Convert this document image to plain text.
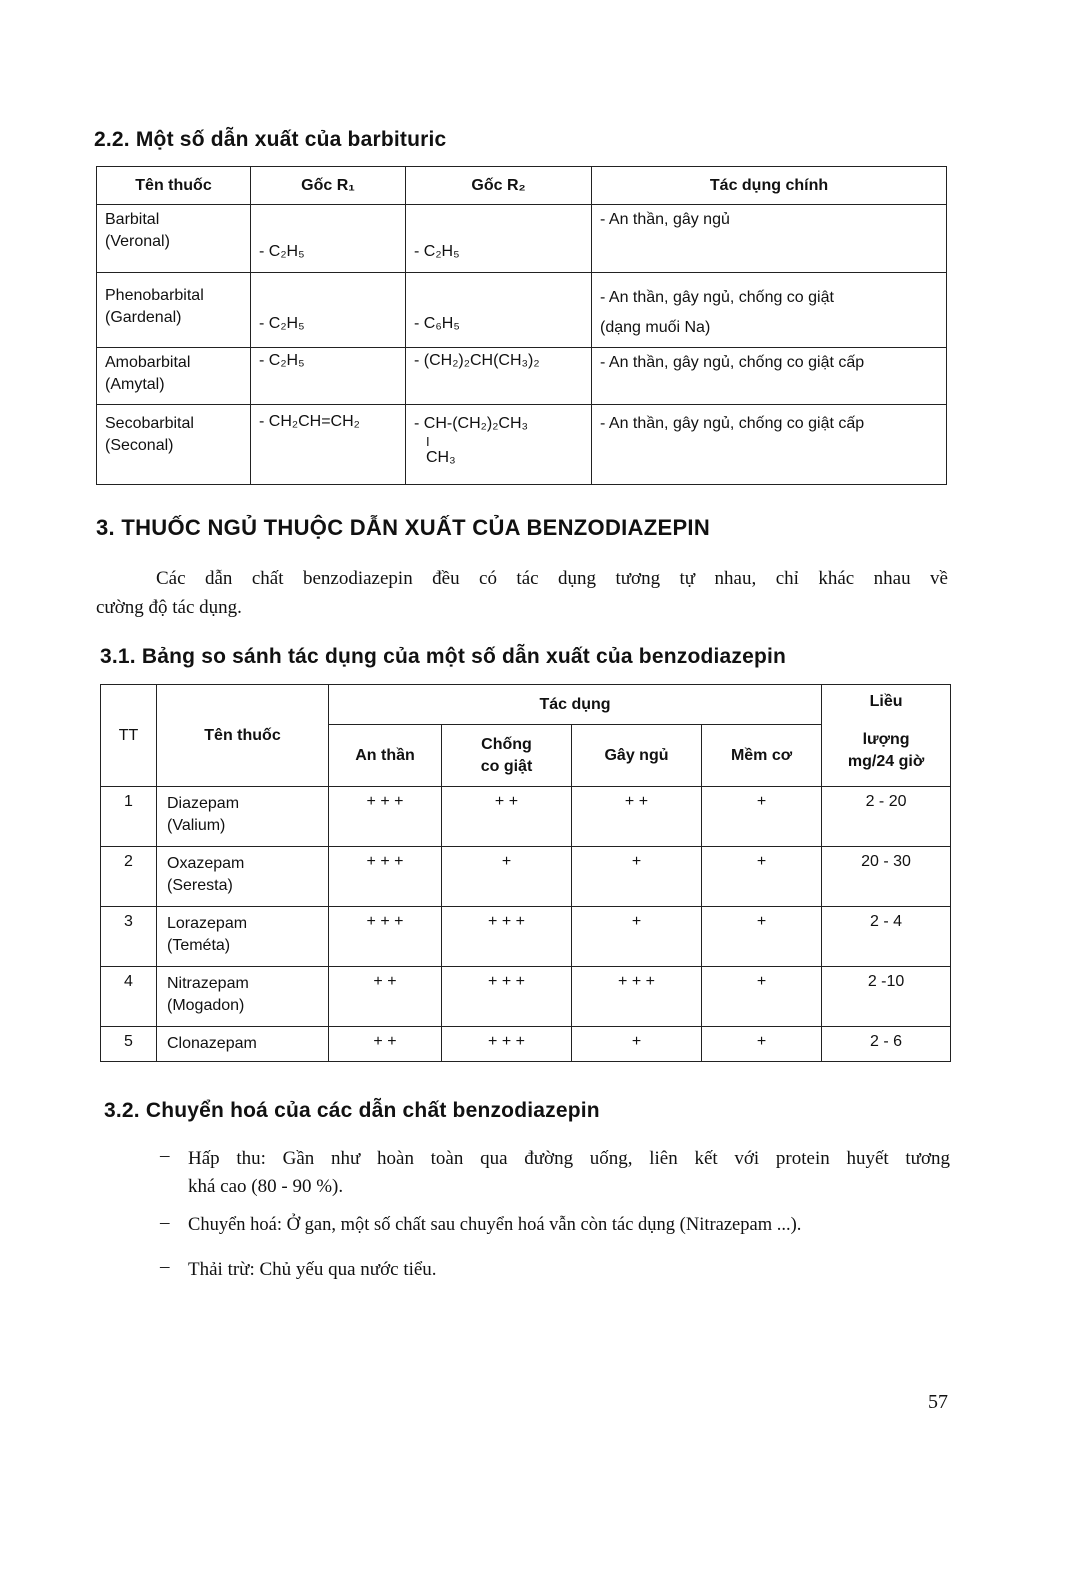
2.2. Một số dẫn xuất của barbituric
Tên thuốc	Gốc R₁	Gốc R₂	Tác dụng chính

Barbital
(Veronal)	- C₂H₅	- C₂H₅	- An thần, gây ngủ

Phenobarbital
(Gardenal)	- C₂H₅	- C₆H₅	- An thần, gây ngủ, chống co giật
(dạng muối Na)

Amobarbital
(Amytal)	- C₂H₅	- (CH₂)₂CH(CH₃)₂	- An thần, gây ngủ, chống co giật cấp

Secobarbital
(Seconal)	- CH₂CH=CH₂	- CH-(CH₂)₂CH₃
I
CH₃	- An thần, gây ngủ, chống co giật cấp
3. THUỐC NGỦ THUỘC DẪN XUẤT CỦA BENZODIAZEPIN
Các dẫn chất benzodiazepin đều có tác dụng tương tự nhau, chỉ khác nhau về
cường độ tác dụng.
3.1. Bảng so sánh tác dụng của một số dẫn xuất của benzodiazepin
TT	Tên thuốc	Tác dụng				Liều
lượng
mg/24 giờ

		An thần	Chống
co giật	Gây ngủ	Mềm cơ	
1	Diazepam
(Valium)	+ + +	+ +	+ +	+	2 - 20
2	Oxazepam
(Seresta)	+ + +	+	+	+	20 - 30
3	Lorazepam
(Teméta)	+ + +	+ + +	+	+	2 - 4
4	Nitrazepam
(Mogadon)	+ +	+ + +	+ + +	+	2 -10
5	Clonazepam	+ +	+ + +	+	+	2 - 6
3.2. Chuyển hoá của các dẫn chất benzodiazepin
– Hấp thu: Gần như hoàn toàn qua đường uống, liên kết với protein huyết tương
khá cao (80 - 90 %).
– Chuyển hoá: Ở gan, một số chất sau chuyển hoá vẫn còn tác dụng (Nitrazepam ...).
– Thải trừ: Chủ yếu qua nước tiểu.
57
